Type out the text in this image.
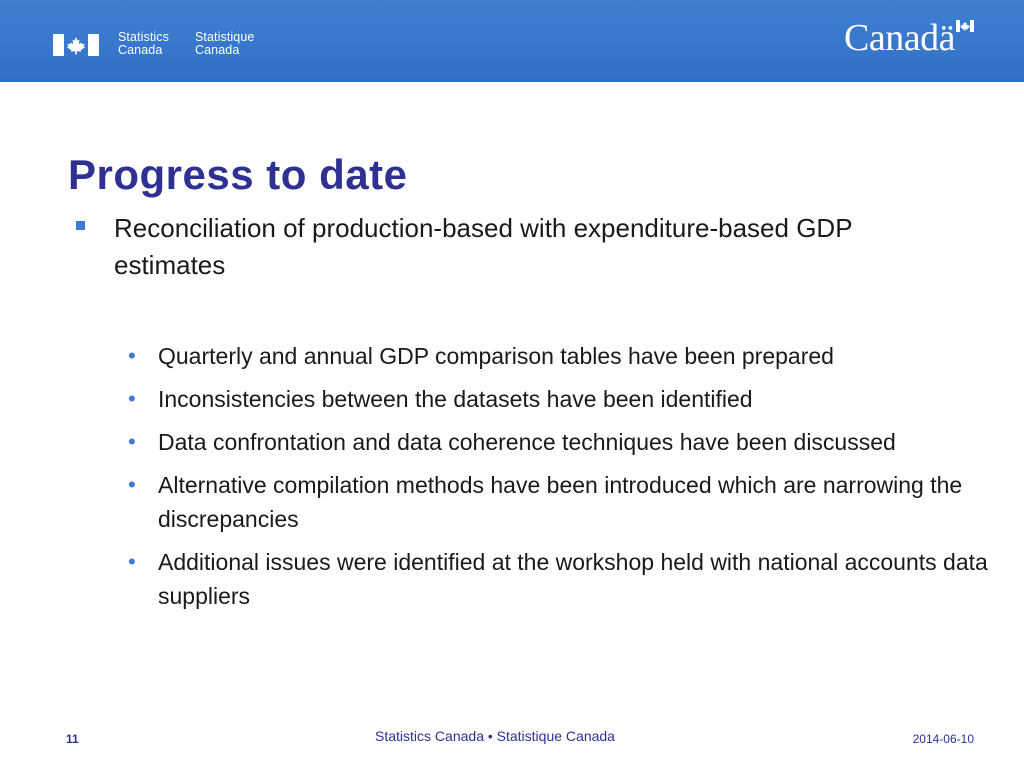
Statistics
Canada
Statistique
Canada	Canadä
Progress to date
Reconciliation of production-based with expenditure-based GDP estimates
• Quarterly and annual GDP comparison tables have been prepared
• Inconsistencies between the datasets have been identified
• Data confrontation and data coherence techniques have been discussed
• Alternative compilation methods have been introduced which are narrowing the discrepancies
• Additional issues were identified at the workshop held with national accounts data suppliers
11	Statistics Canada • Statistique Canada	2014-06-10
